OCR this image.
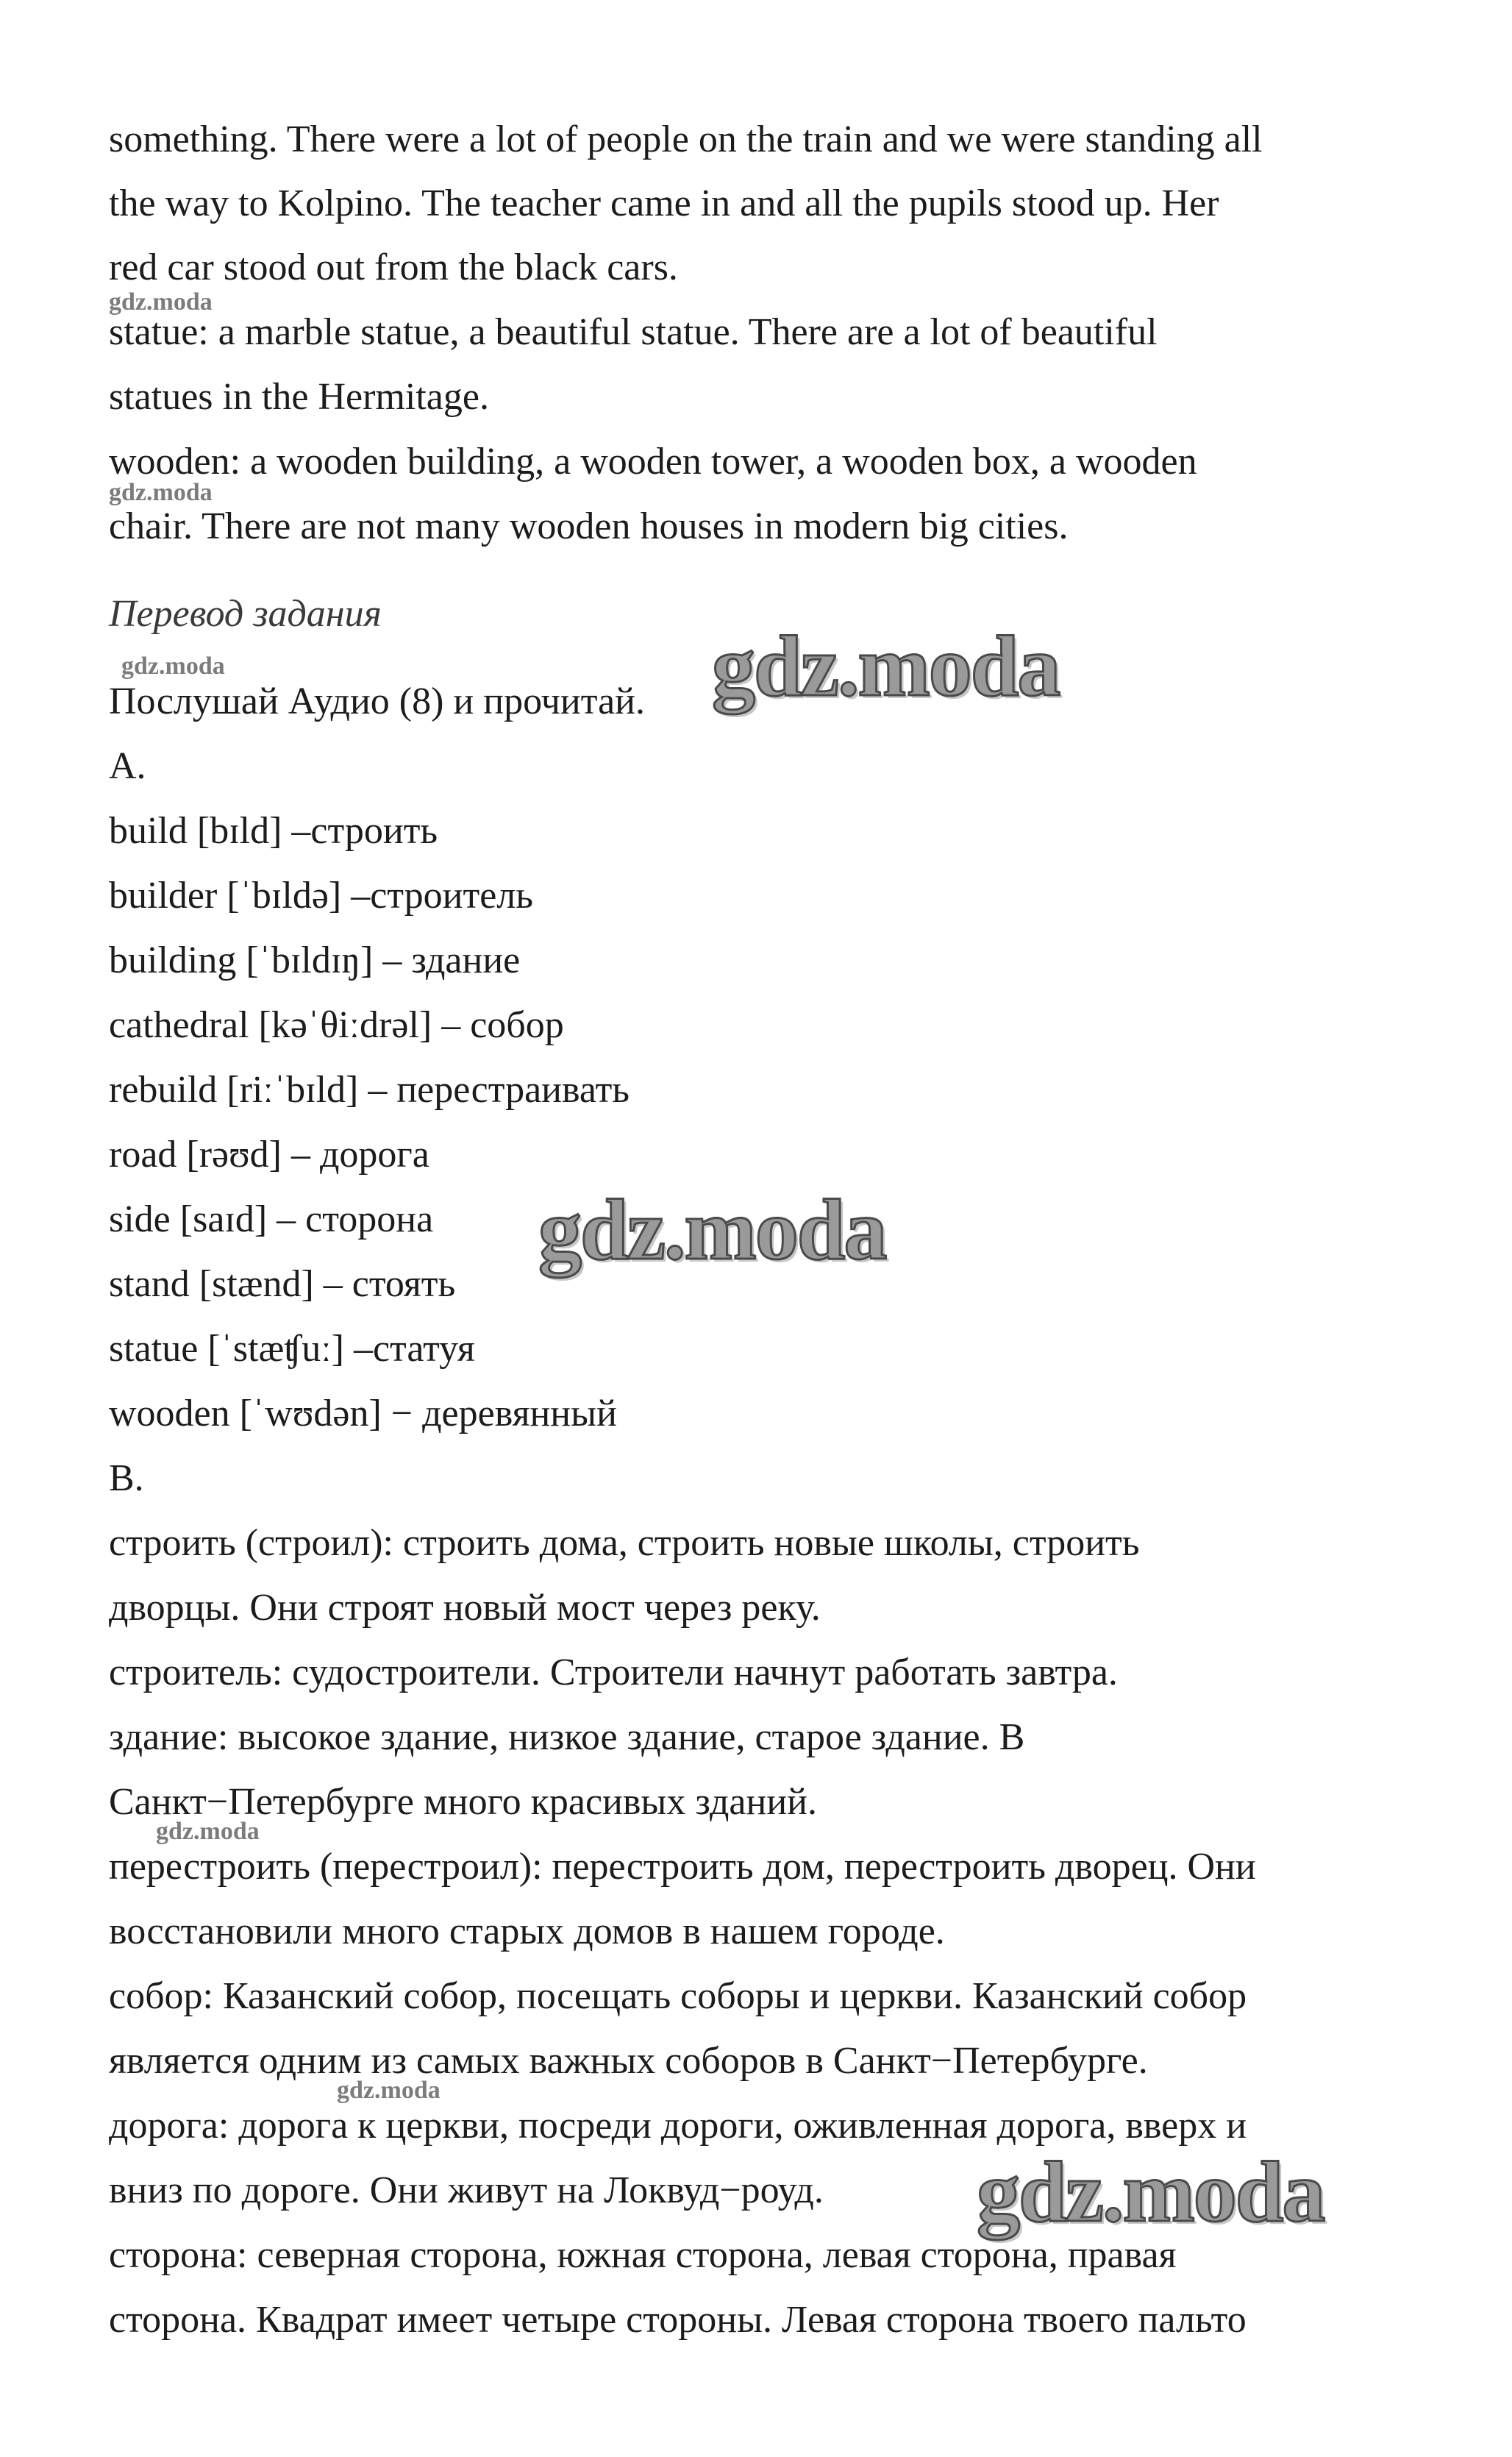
something. There were a lot of people on the train and we were standing all
the way to Kolpino. The teacher came in and all the pupils stood up. Her
red car stood out from the black cars.
statue: a marble statue, a beautiful statue. There are a lot of beautiful
statues in the Hermitage.
wooden: a wooden building, a wooden tower, a wooden box, a wooden
chair. There are not many wooden houses in modern big cities.
Перевод задания
Послушай Аудио (8) и прочитай.
А.
build [bɪld] –строить
builder [ˈbɪldə] –строитель
building [ˈbɪldɪŋ] – здание
cathedral [kəˈθiːdrəl] – собор
rebuild [riːˈbɪld] – перестраивать
road [rəʊd] – дорога
side [saɪd] – сторона
stand [stænd] – стоять
statue [ˈstæʧuː] –статуя
wooden [ˈwʊdən] − деревянный
B.
строить (строил): строить дома, строить новые школы, строить
дворцы. Они строят новый мост через реку.
строитель: судостроители. Строители начнут работать завтра.
здание: высокое здание, низкое здание, старое здание. В
Санкт−Петербурге много красивых зданий.
перестроить (перестроил): перестроить дом, перестроить дворец. Они
восстановили много старых домов в нашем городе.
собор: Казанский собор, посещать соборы и церкви. Казанский собор
является одним из самых важных соборов в Санкт−Петербурге.
дорога: дорога к церкви, посреди дороги, оживленная дорога, вверх и
вниз по дороге. Они живут на Локвуд−роуд.
сторона: северная сторона, южная сторона, левая сторона, правая
сторона. Квадрат имеет четыре стороны. Левая сторона твоего пальто
gdz.moda
gdz.moda
gdz.moda
gdz.moda
gdz.moda
gdz.moda
gdz.moda
gdz.moda
